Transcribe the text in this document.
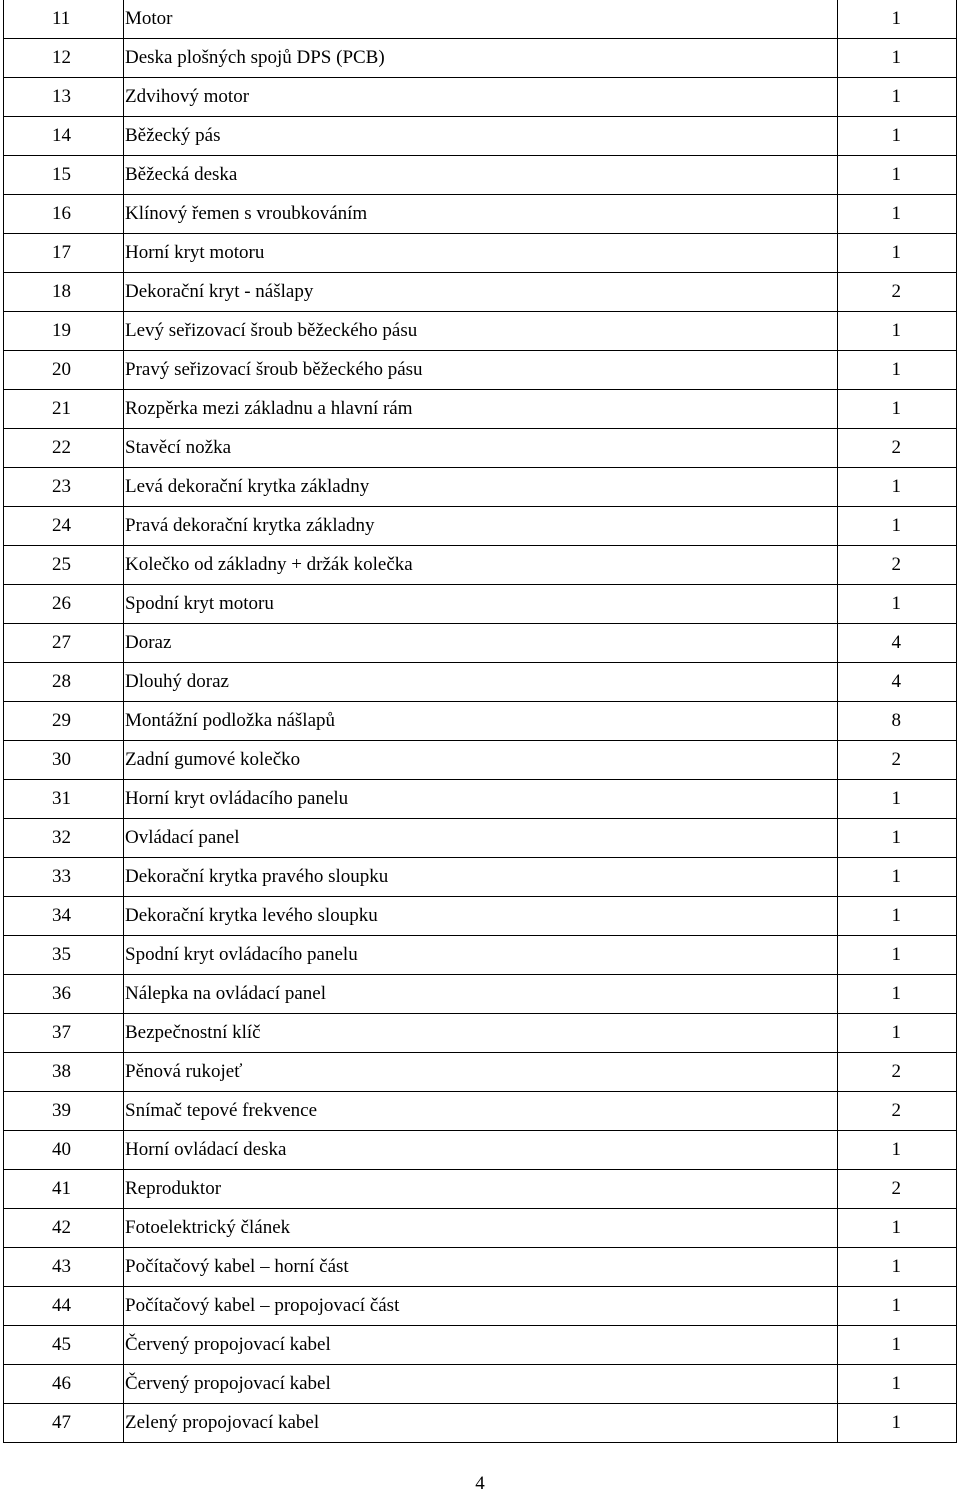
11	Motor	1
12	Deska plošných spojů DPS (PCB)	1
13	Zdvihový motor	1
14	Běžecký pás	1
15	Běžecká deska	1
16	Klínový řemen s vroubkováním	1
17	Horní kryt motoru	1
18	Dekorační kryt - nášlapy	2
19	Levý seřizovací šroub běžeckého pásu	1
20	Pravý seřizovací šroub běžeckého pásu	1
21	Rozpěrka mezi základnu a hlavní rám	1
22	Stavěcí nožka	2
23	Levá dekorační krytka základny	1
24	Pravá dekorační krytka základny	1
25	Kolečko od základny + držák kolečka	2
26	Spodní kryt motoru	1
27	Doraz	4
28	Dlouhý doraz	4
29	Montážní podložka nášlapů	8
30	Zadní gumové kolečko	2
31	Horní kryt ovládacího panelu	1
32	Ovládací panel	1
33	Dekorační krytka pravého sloupku	1
34	Dekorační krytka levého sloupku	1
35	Spodní kryt ovládacího panelu	1
36	Nálepka na ovládací panel	1
37	Bezpečnostní klíč	1
38	Pěnová rukojeť	2
39	Snímač tepové frekvence	2
40	Horní ovládací deska	1
41	Reproduktor	2
42	Fotoelektrický článek	1
43	Počítačový kabel – horní část	1
44	Počítačový kabel – propojovací část	1
45	Červený propojovací kabel	1
46	Červený propojovací kabel	1
47	Zelený propojovací kabel	1
4
